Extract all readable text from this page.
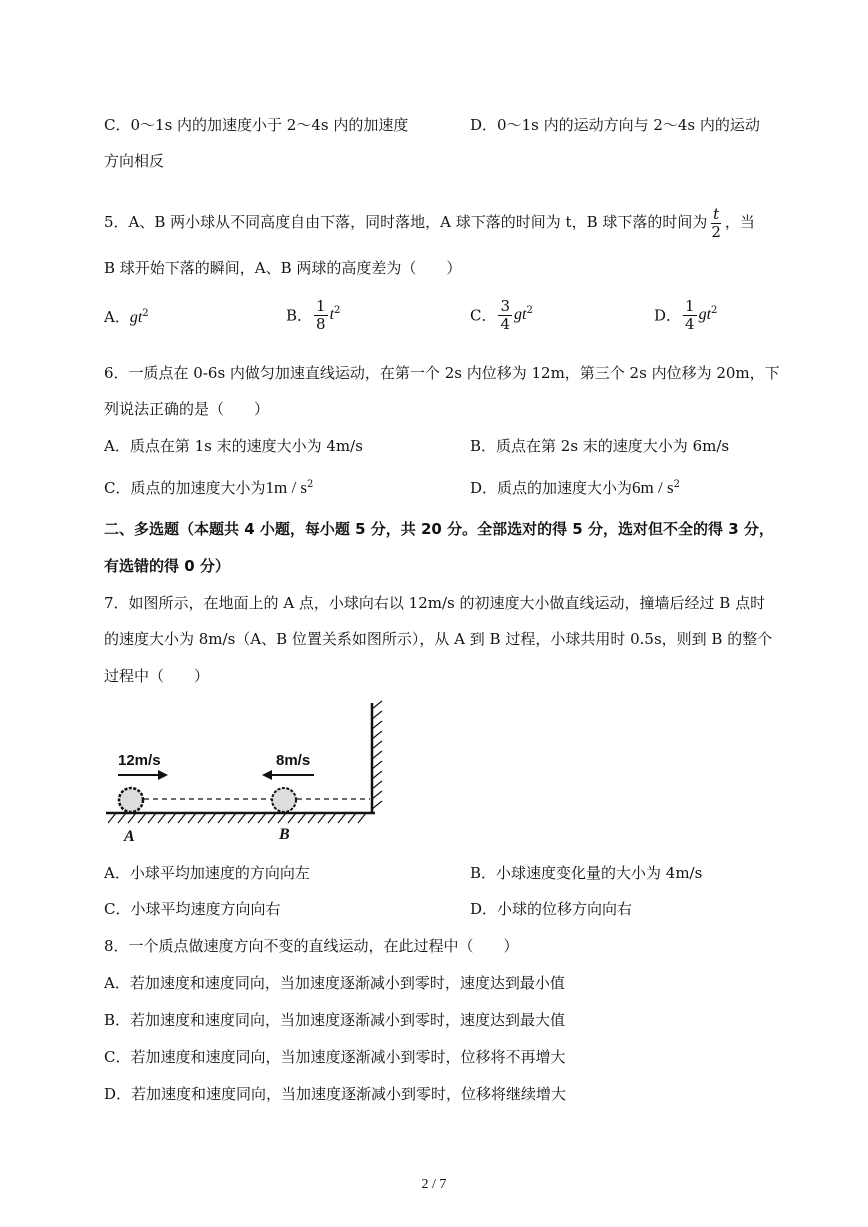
C．0～1s 内的加速度小于 2～4s 内的加速度	D．0～1s 内的运动方向与 2～4s 内的运动
方向相反
5．A、B 两小球从不同高度自由下落，同时落地，A 球下落的时间为 t，B 球下落的时间为 $\frac{t}{2}$ ，当
B 球开始下落的瞬间，A、B 两球的高度差为（　　）
A．$gt^2$	B． $\frac{1}{8} t^2$	C． $\frac{3}{4} gt^2$	D． $\frac{1}{4} gt^2$
6．一质点在 0-6s 内做匀加速直线运动，在第一个 2s 内位移为 12m，第三个 2s 内位移为 20m，下
列说法正确的是（　　）
A．质点在第 1s 末的速度大小为 4m/s	B．质点在第 2s 末的速度大小为 6m/s
C．质点的加速度大小为$1m / s^2$	D．质点的加速度大小为$6m / s^2$
二、多选题（本题共 4 小题，每小题 5 分，共 20 分。全部选对的得 5 分，选对但不全的得 3 分，
有选错的得 0 分）
7．如图所示，在地面上的 A 点，小球向右以 12m/s 的初速度大小做直线运动，撞墙后经过 B 点时
的速度大小为 8m/s（A、B 位置关系如图所示），从 A 到 B 过程，小球共用时 0.5s，则到 B 的整个
过程中（　　）
12m/s	8m/s
A	B
A．小球平均加速度的方向向左	B．小球速度变化量的大小为 4m/s
C．小球平均速度方向向右	D．小球的位移方向向右
8．一个质点做速度方向不变的直线运动，在此过程中（　　）
A．若加速度和速度同向，当加速度逐渐减小到零时，速度达到最小值
B．若加速度和速度同向，当加速度逐渐减小到零时，速度达到最大值
C．若加速度和速度同向，当加速度逐渐减小到零时，位移将不再增大
D．若加速度和速度同向，当加速度逐渐减小到零时，位移将继续增大
2 / 7
